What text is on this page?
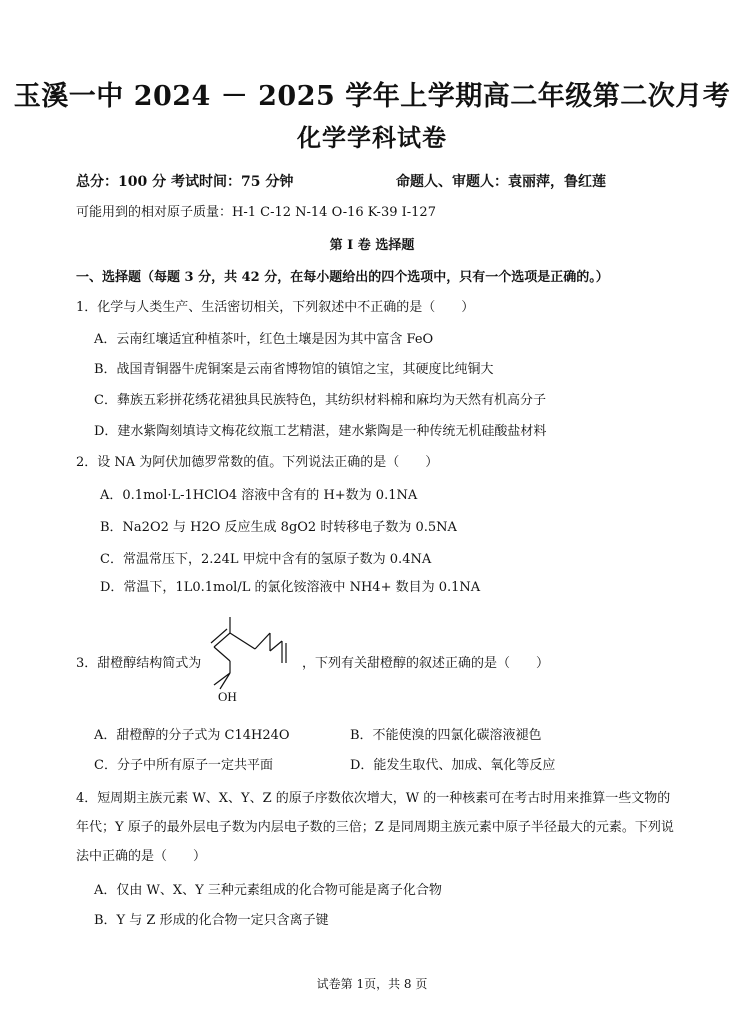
玉溪一中 2024 － 2025 学年上学期高二年级第二次月考
化学学科试卷
总分：100 分 考试时间：75 分钟	命题人、审题人：袁丽萍，鲁红莲
可能用到的相对原子质量：H-1 C-12 N-14 O-16 K-39 I-127
第 I 卷 选择题
一、选择题（每题 3 分，共 42 分，在每小题给出的四个选项中，只有一个选项是正确的。）
1．化学与人类生产、生活密切相关，下列叙述中不正确的是（　　）
A．云南红壤适宜种植茶叶，红色土壤是因为其中富含 FeO
B．战国青铜器牛虎铜案是云南省博物馆的镇馆之宝，其硬度比纯铜大
C．彝族五彩拼花绣花裙独具民族特色，其纺织材料棉和麻均为天然有机高分子
D．建水紫陶刻填诗文梅花纹瓶工艺精湛，建水紫陶是一种传统无机硅酸盐材料
2．设 NA 为阿伏加德罗常数的值。下列说法正确的是（　　）
A．0.1mol·L-1HClO4 溶液中含有的 H+数为 0.1NA
B．Na2O2 与 H2O 反应生成 8gO2 时转移电子数为 0.5NA
C．常温常压下，2.24L 甲烷中含有的氢原子数为 0.4NA
D．常温下，1L0.1mol/L 的氯化铵溶液中 NH4+ 数目为 0.1NA
3．甜橙醇结构简式为
OH
，下列有关甜橙醇的叙述正确的是（　　）
A．甜橙醇的分子式为 C14H24O	B．不能使溴的四氯化碳溶液褪色
C．分子中所有原子一定共平面	D．能发生取代、加成、氧化等反应
4．短周期主族元素 W、X、Y、Z 的原子序数依次增大，W 的一种核素可在考古时用来推算一些文物的年代；Y 原子的最外层电子数为内层电子数的三倍；Z 是同周期主族元素中原子半径最大的元素。下列说法中正确的是（　　）
A．仅由 W、X、Y 三种元素组成的化合物可能是离子化合物
B．Y 与 Z 形成的化合物一定只含离子键
试卷第 1页，共 8 页
